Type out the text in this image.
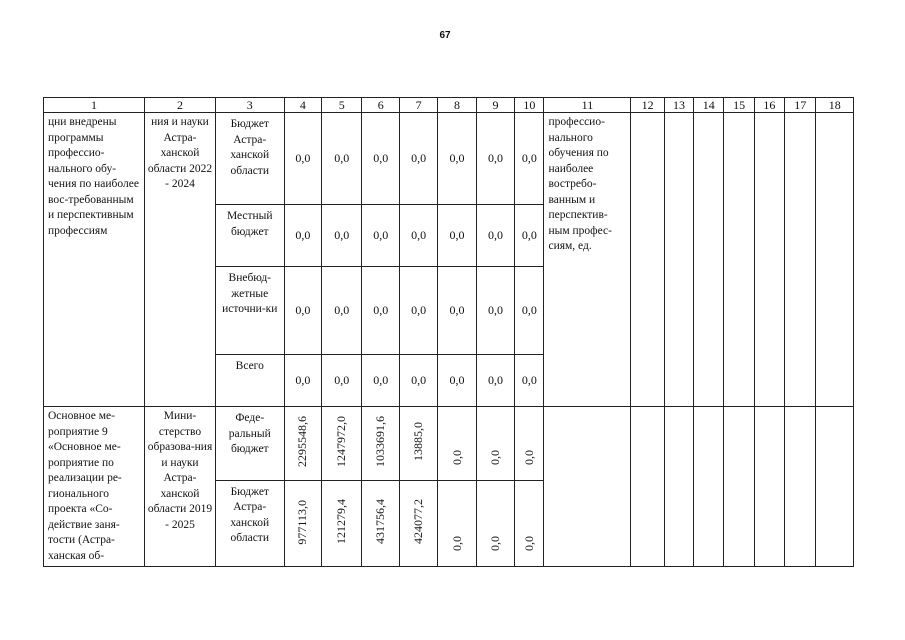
67
1	2	3	4	5	6	7	8	9	10	11	12	13	14	15	16	17	18
цни внедрены программы профессио-нального обу-чения по наиболее вос-требованным и перспективным профессиям	ния и науки Астра-ханской области 2022 - 2024	Бюджет Астра-ханской области	0,0	0,0	0,0	0,0	0,0	0,0	0,0	профессио-нального обучения по наиболее востребо-ванным и перспектив-ным профес-сиям, ед.							
		Местный бюджет	0,0	0,0	0,0	0,0	0,0	0,0	0,0								
		Внебюд-жетные источни-ки	0,0	0,0	0,0	0,0	0,0	0,0	0,0								
		Всего	0,0	0,0	0,0	0,0	0,0	0,0	0,0								
Основное ме-роприятие 9 «Основное ме-роприятие по реализации ре-гионального проекта «Со-действие заня-тости (Астра-ханская об-	Мини-стерство образова-ния и науки Астра-ханской области 2019 - 2025	Феде-ральный бюджет	2295548,6	1247972,0	1033691,6	13885,0	0,0	0,0	0,0								
		Бюджет Астра-ханской области	977113,0	121279,4	431756,4	424077,2	0,0	0,0	0,0								
